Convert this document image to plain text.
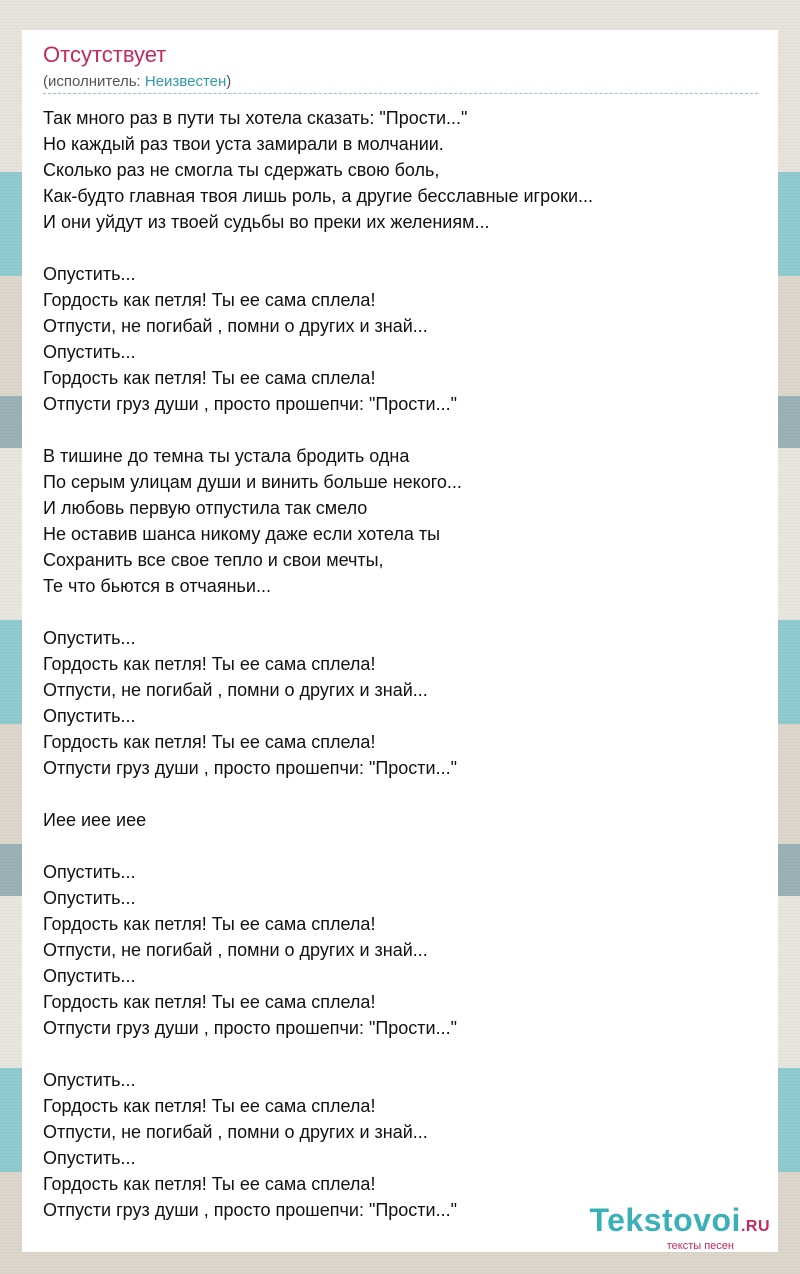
Отсутствует
(исполнитель: Неизвестен)
Так много раз в пути ты хотела сказать: "Прости..."
Но каждый раз твои уста замирали в молчании.
Сколько раз не смогла ты сдержать свою боль,
Как-будто главная твоя лишь роль, а другие бесславные игроки...
И они уйдут из твоей судьбы во преки их желениям...
Опустить...
Гордость как петля! Ты ее сама сплела!
Отпусти, не погибай , помни о других и знай...
Опустить...
Гордость как петля! Ты ее сама сплела!
Отпусти груз души , просто прошепчи: "Прости..."
В тишине до темна ты устала бродить одна
По серым улицам души и винить больше некого...
И любовь первую отпустила так смело
Не оставив шанса никому даже если хотела ты
Сохранить все свое тепло и свои мечты,
Те что бьются в отчаяньи...
Опустить...
Гордость как петля! Ты ее сама сплела!
Отпусти, не погибай , помни о других и знай...
Опустить...
Гордость как петля! Ты ее сама сплела!
Отпусти груз души , просто прошепчи: "Прости..."
Иее иее иее
Опустить...
Опустить...
Гордость как петля! Ты ее сама сплела!
Отпусти, не погибай , помни о других и знай...
Опустить...
Гордость как петля! Ты ее сама сплела!
Отпусти груз души , просто прошепчи: "Прости..."
Опустить...
Гордость как петля! Ты ее сама сплела!
Отпусти, не погибай , помни о других и знай...
Опустить...
Гордость как петля! Ты ее сама сплела!
Отпусти груз души , просто прошепчи: "Прости..."	Tekstovoi.RU
тексты песен
